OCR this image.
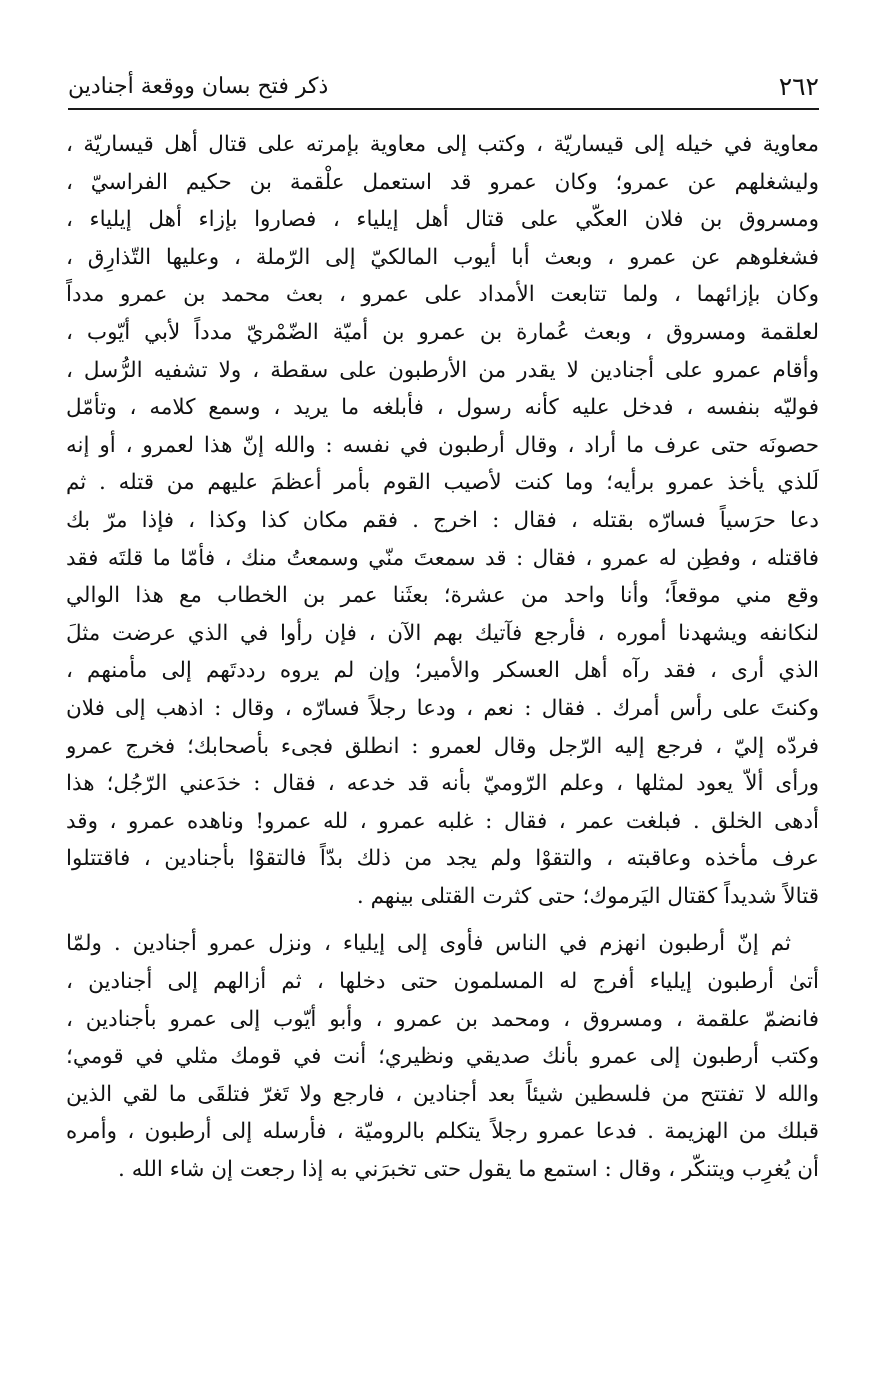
٢٦٢
ذكر فتح بسان ووقعة أجنادين
معاوية في خيله إلى قيساريّة ، وكتب إلى معاوية بإمرته على قتال أهل قيساريّة ،
وليشغلهم عن عمرو؛ وكان عمرو قد استعمل علْقمة بن حكيم الفراسيّ ،
ومسروق بن فلان العكّي على قتال أهل إيلياء ، فصاروا بإزاء أهل إيلياء ،
فشغلوهم عن عمرو ، وبعث أبا أيوب المالكيّ إلى الرّملة ، وعليها التّذارِق ،
وكان بإزائهما ، ولما تتابعت الأمداد على عمرو ، بعث محمد بن عمرو مدداً
لعلقمة ومسروق ، وبعث عُمارة بن عمرو بن أميّة الضّمْريّ مدداً لأبي أيّوب ،
وأقام عمرو على أجنادين لا يقدر من الأرطبون على سقطة ، ولا تشفيه الرُّسل ،
فوليّه بنفسه ، فدخل عليه كأنه رسول ، فأبلغه ما يريد ، وسمع كلامه ، وتأمّل
حصونَه حتى عرف ما أراد ، وقال أرطبون في نفسه : والله إنّ هذا لعمرو ، أو إنه
لَلذي يأخذ عمرو برأيه؛ وما كنت لأصيب القوم بأمر أعظمَ عليهم من قتله . ثم
دعا حرَسياً فسارّه بقتله ، فقال : اخرج . فقم مكان كذا وكذا ، فإذا مرّ بك
فاقتله ، وفطِن له عمرو ، فقال : قد سمعتَ منّي وسمعتُ منك ، فأمّا ما قلتَه فقد
وقع مني موقعاً؛ وأنا واحد من عشرة؛ بعثَنا عمر بن الخطاب مع هذا الوالي
لنكانفه ويشهدنا أموره ، فأرجع فآتيك بهم الآن ، فإن رأوا في الذي عرضت مثلَ
الذي أرى ، فقد رآه أهل العسكر والأمير؛ وإن لم يروه رددتَهم إلى مأمنهم ،
وكنتَ على رأس أمرك . فقال : نعم ، ودعا رجلاً فسارّه ، وقال : اذهب إلى فلان
فردّه إليّ ، فرجع إليه الرّجل وقال لعمرو : انطلق فجىء بأصحابك؛ فخرج عمرو
ورأى ألاّ يعود لمثلها ، وعلم الرّوميّ بأنه قد خدعه ، فقال : خدَعني الرّجُل؛ هذا
أدهى الخلق . فبلغت عمر ، فقال : غلبه عمرو ، لله عمرو! وناهده عمرو ، وقد
عرف مأخذه وعاقبته ، والتقوْا ولم يجد من ذلك بدّاً فالتقوْا بأجنادين ، فاقتتلوا
قتالاً شديداً كقتال اليَرموك؛ حتى كثرت القتلى بينهم .
ثم إنّ أرطبون انهزم في الناس فأوى إلى إيلياء ، ونزل عمرو أجنادين . ولمّا
أتىٰ أرطبون إيلياء أفرج له المسلمون حتى دخلها ، ثم أزالهم إلى أجنادين ،
فانضمّ علقمة ، ومسروق ، ومحمد بن عمرو ، وأبو أيّوب إلى عمرو بأجنادين ،
وكتب أرطبون إلى عمرو بأنك صديقي ونظيري؛ أنت في قومك مثلي في قومي؛
والله لا تفتتح من فلسطين شيئاً بعد أجنادين ، فارجع ولا تَغرّ فتلقَى ما لقي الذين
قبلك من الهزيمة . فدعا عمرو رجلاً يتكلم بالروميّة ، فأرسله إلى أرطبون ، وأمره
أن يُغرِب ويتنكّر ، وقال : استمع ما يقول حتى تخبرَني به إذا رجعت إن شاء الله .
